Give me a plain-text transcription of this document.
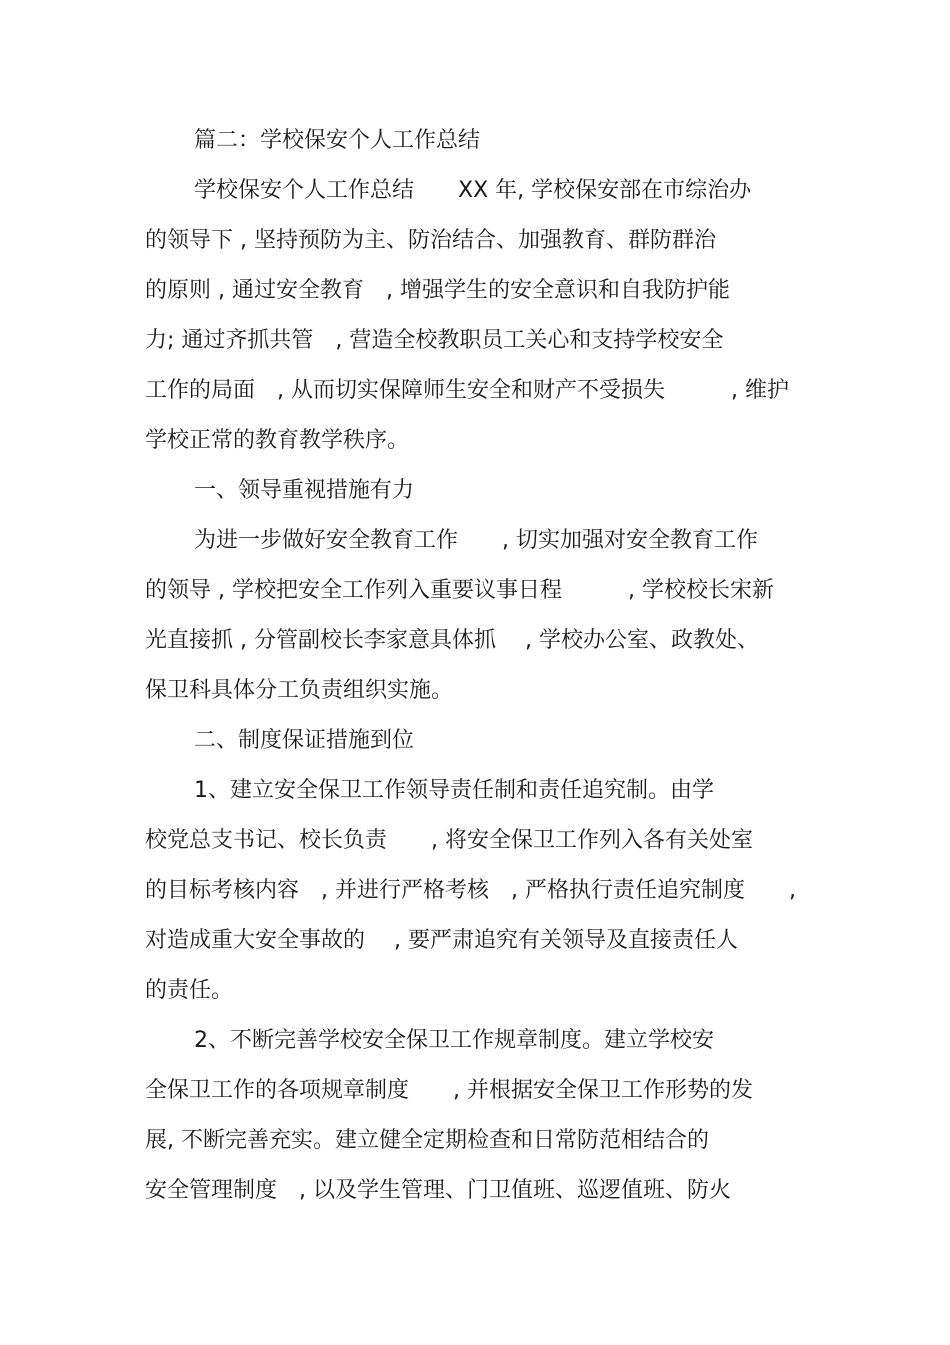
篇二：学校保安个人工作总结
学校保安个人工作总结　　XX 年, 学校保安部在市综治办
的领导下 , 坚持预防为主、防治结合、加强教育、群防群治
的原则 , 通过安全教育　, 增强学生的安全意识和自我防护能
力; 通过齐抓共管　, 营造全校教职员工关心和支持学校安全
工作的局面　, 从而切实保障师生安全和财产不受损失　　　, 维护
学校正常的教育教学秩序。
一、领导重视措施有力
为进一步做好安全教育工作　　, 切实加强对安全教育工作
的领导 , 学校把安全工作列入重要议事日程　　　, 学校校长宋新
光直接抓 , 分管副校长李家意具体抓　 , 学校办公室、政教处、
保卫科具体分工负责组织实施。
二、制度保证措施到位
1、建立安全保卫工作领导责任制和责任追究制。由学
校党总支书记、校长负责　　, 将安全保卫工作列入各有关处室
的目标考核内容　, 并进行严格考核　, 严格执行责任追究制度　　,
对造成重大安全事故的　 , 要严肃追究有关领导及直接责任人
的责任。
2、不断完善学校安全保卫工作规章制度。建立学校安
全保卫工作的各项规章制度　　, 并根据安全保卫工作形势的发
展, 不断完善充实。建立健全定期检查和日常防范相结合的
安全管理制度　, 以及学生管理、门卫值班、巡逻值班、防火
